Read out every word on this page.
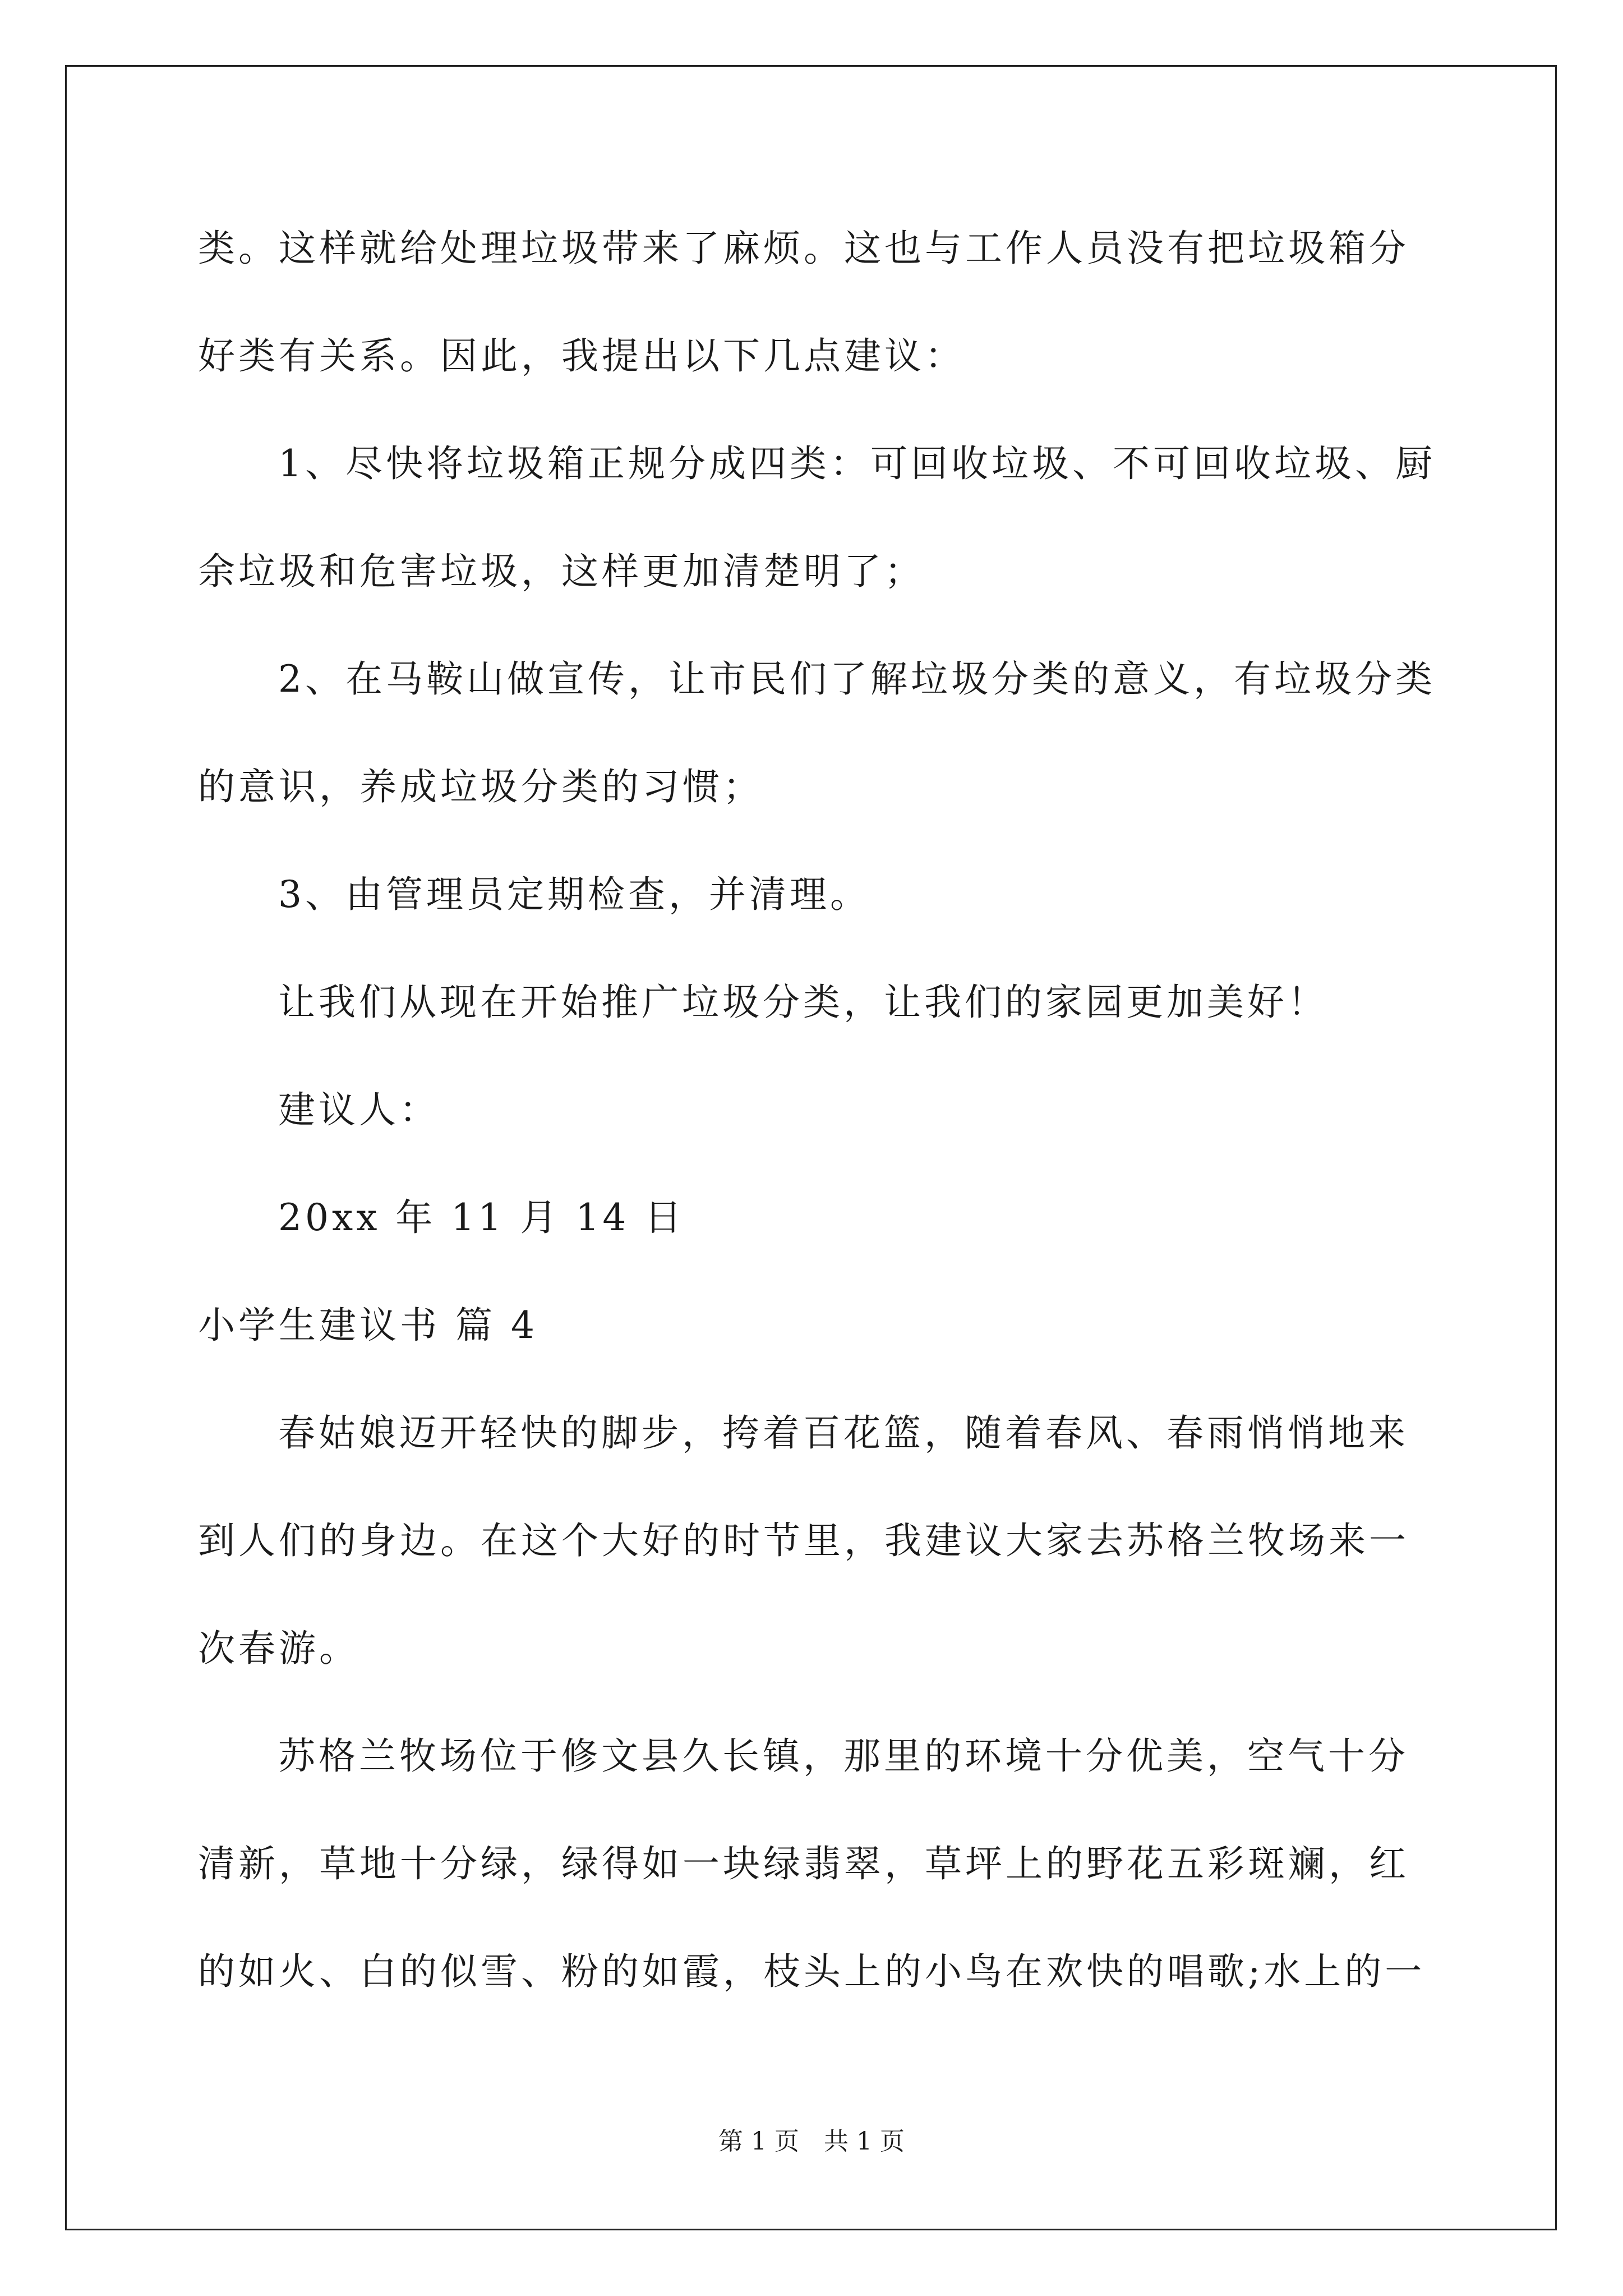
类。这样就给处理垃圾带来了麻烦。这也与工作人员没有把垃圾箱分
好类有关系。因此，我提出以下几点建议：
1、尽快将垃圾箱正规分成四类：可回收垃圾、不可回收垃圾、厨
余垃圾和危害垃圾，这样更加清楚明了；
2、在马鞍山做宣传，让市民们了解垃圾分类的意义，有垃圾分类
的意识，养成垃圾分类的习惯；
3、由管理员定期检查，并清理。
让我们从现在开始推广垃圾分类，让我们的家园更加美好！
建议人：
20xx 年 11 月 14 日
小学生建议书 篇 4
春姑娘迈开轻快的脚步，挎着百花篮，随着春风、春雨悄悄地来
到人们的身边。在这个大好的时节里，我建议大家去苏格兰牧场来一
次春游。
苏格兰牧场位于修文县久长镇，那里的环境十分优美，空气十分
清新，草地十分绿，绿得如一块绿翡翠，草坪上的野花五彩斑斓，红
的如火、白的似雪、粉的如霞，枝头上的小鸟在欢快的唱歌;水上的一
第 1 页　共 1 页
